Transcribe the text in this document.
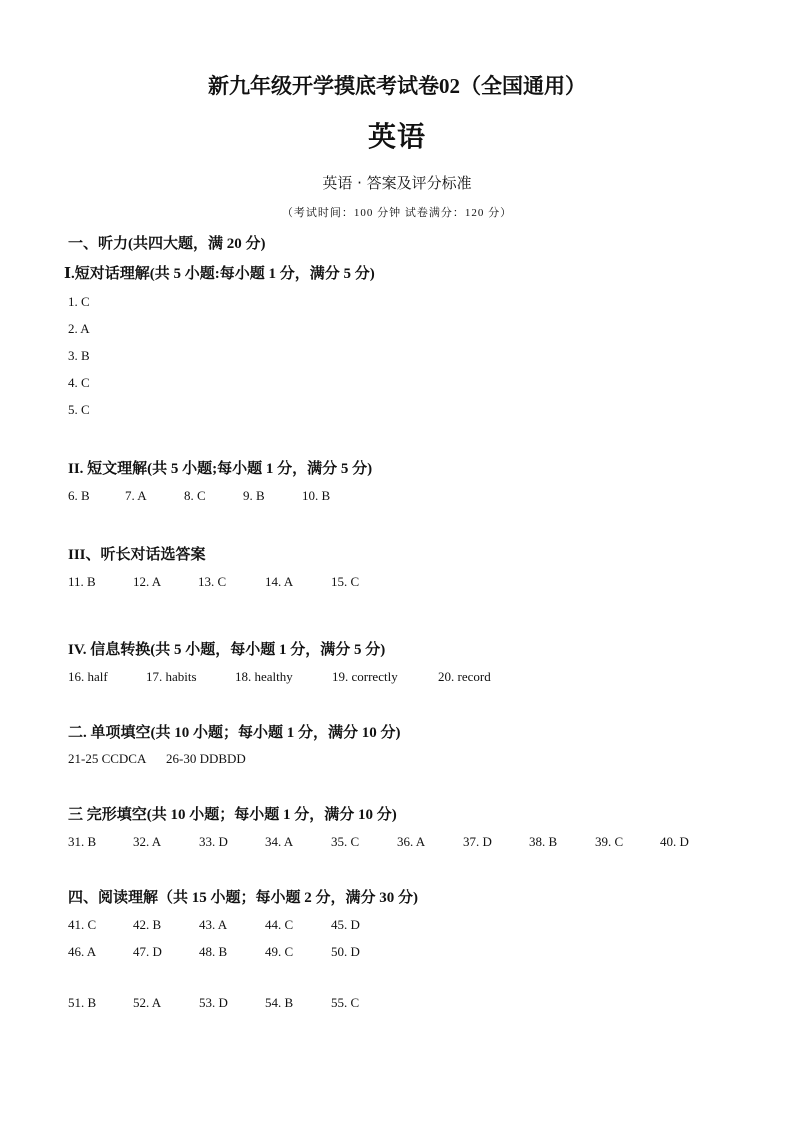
新九年级开学摸底考试卷02（全国通用）
英语
英语 · 答案及评分标准
（考试时间：100 分钟 试卷满分：120 分）
一、听力(共四大题，满 20 分)
Ⅰ.短对话理解(共 5 小题:每小题 1 分，满分 5 分)
1. C
2. A
3. B
4. C
5. C
II. 短文理解(共 5 小题;每小题 1 分，满分 5 分)
6. B	7. A	8. C	9. B	10. B
III、听长对话选答案
11. B	12. A	13. C	14. A	15. C
IV. 信息转换(共 5 小题，每小题 1 分，满分 5 分)
16. half	17. habits	18. healthy	19. correctly	20. record
二. 单项填空(共 10 小题；每小题 1 分，满分 10 分)
21-25 CCDCA 26-30 DDBDD
三 完形填空(共 10 小题；每小题 1 分，满分 10 分)
31. B	32. A	33. D	34. A	35. C	36. A	37. D	38. B	39. C	40. D
四、阅读理解（共 15 小题；每小题 2 分，满分 30 分)
41. C	42. B	43. A	44. C	45. D
46. A	47. D	48. B	49. C	50. D
51. B	52. A	53. D	54. B	55. C
